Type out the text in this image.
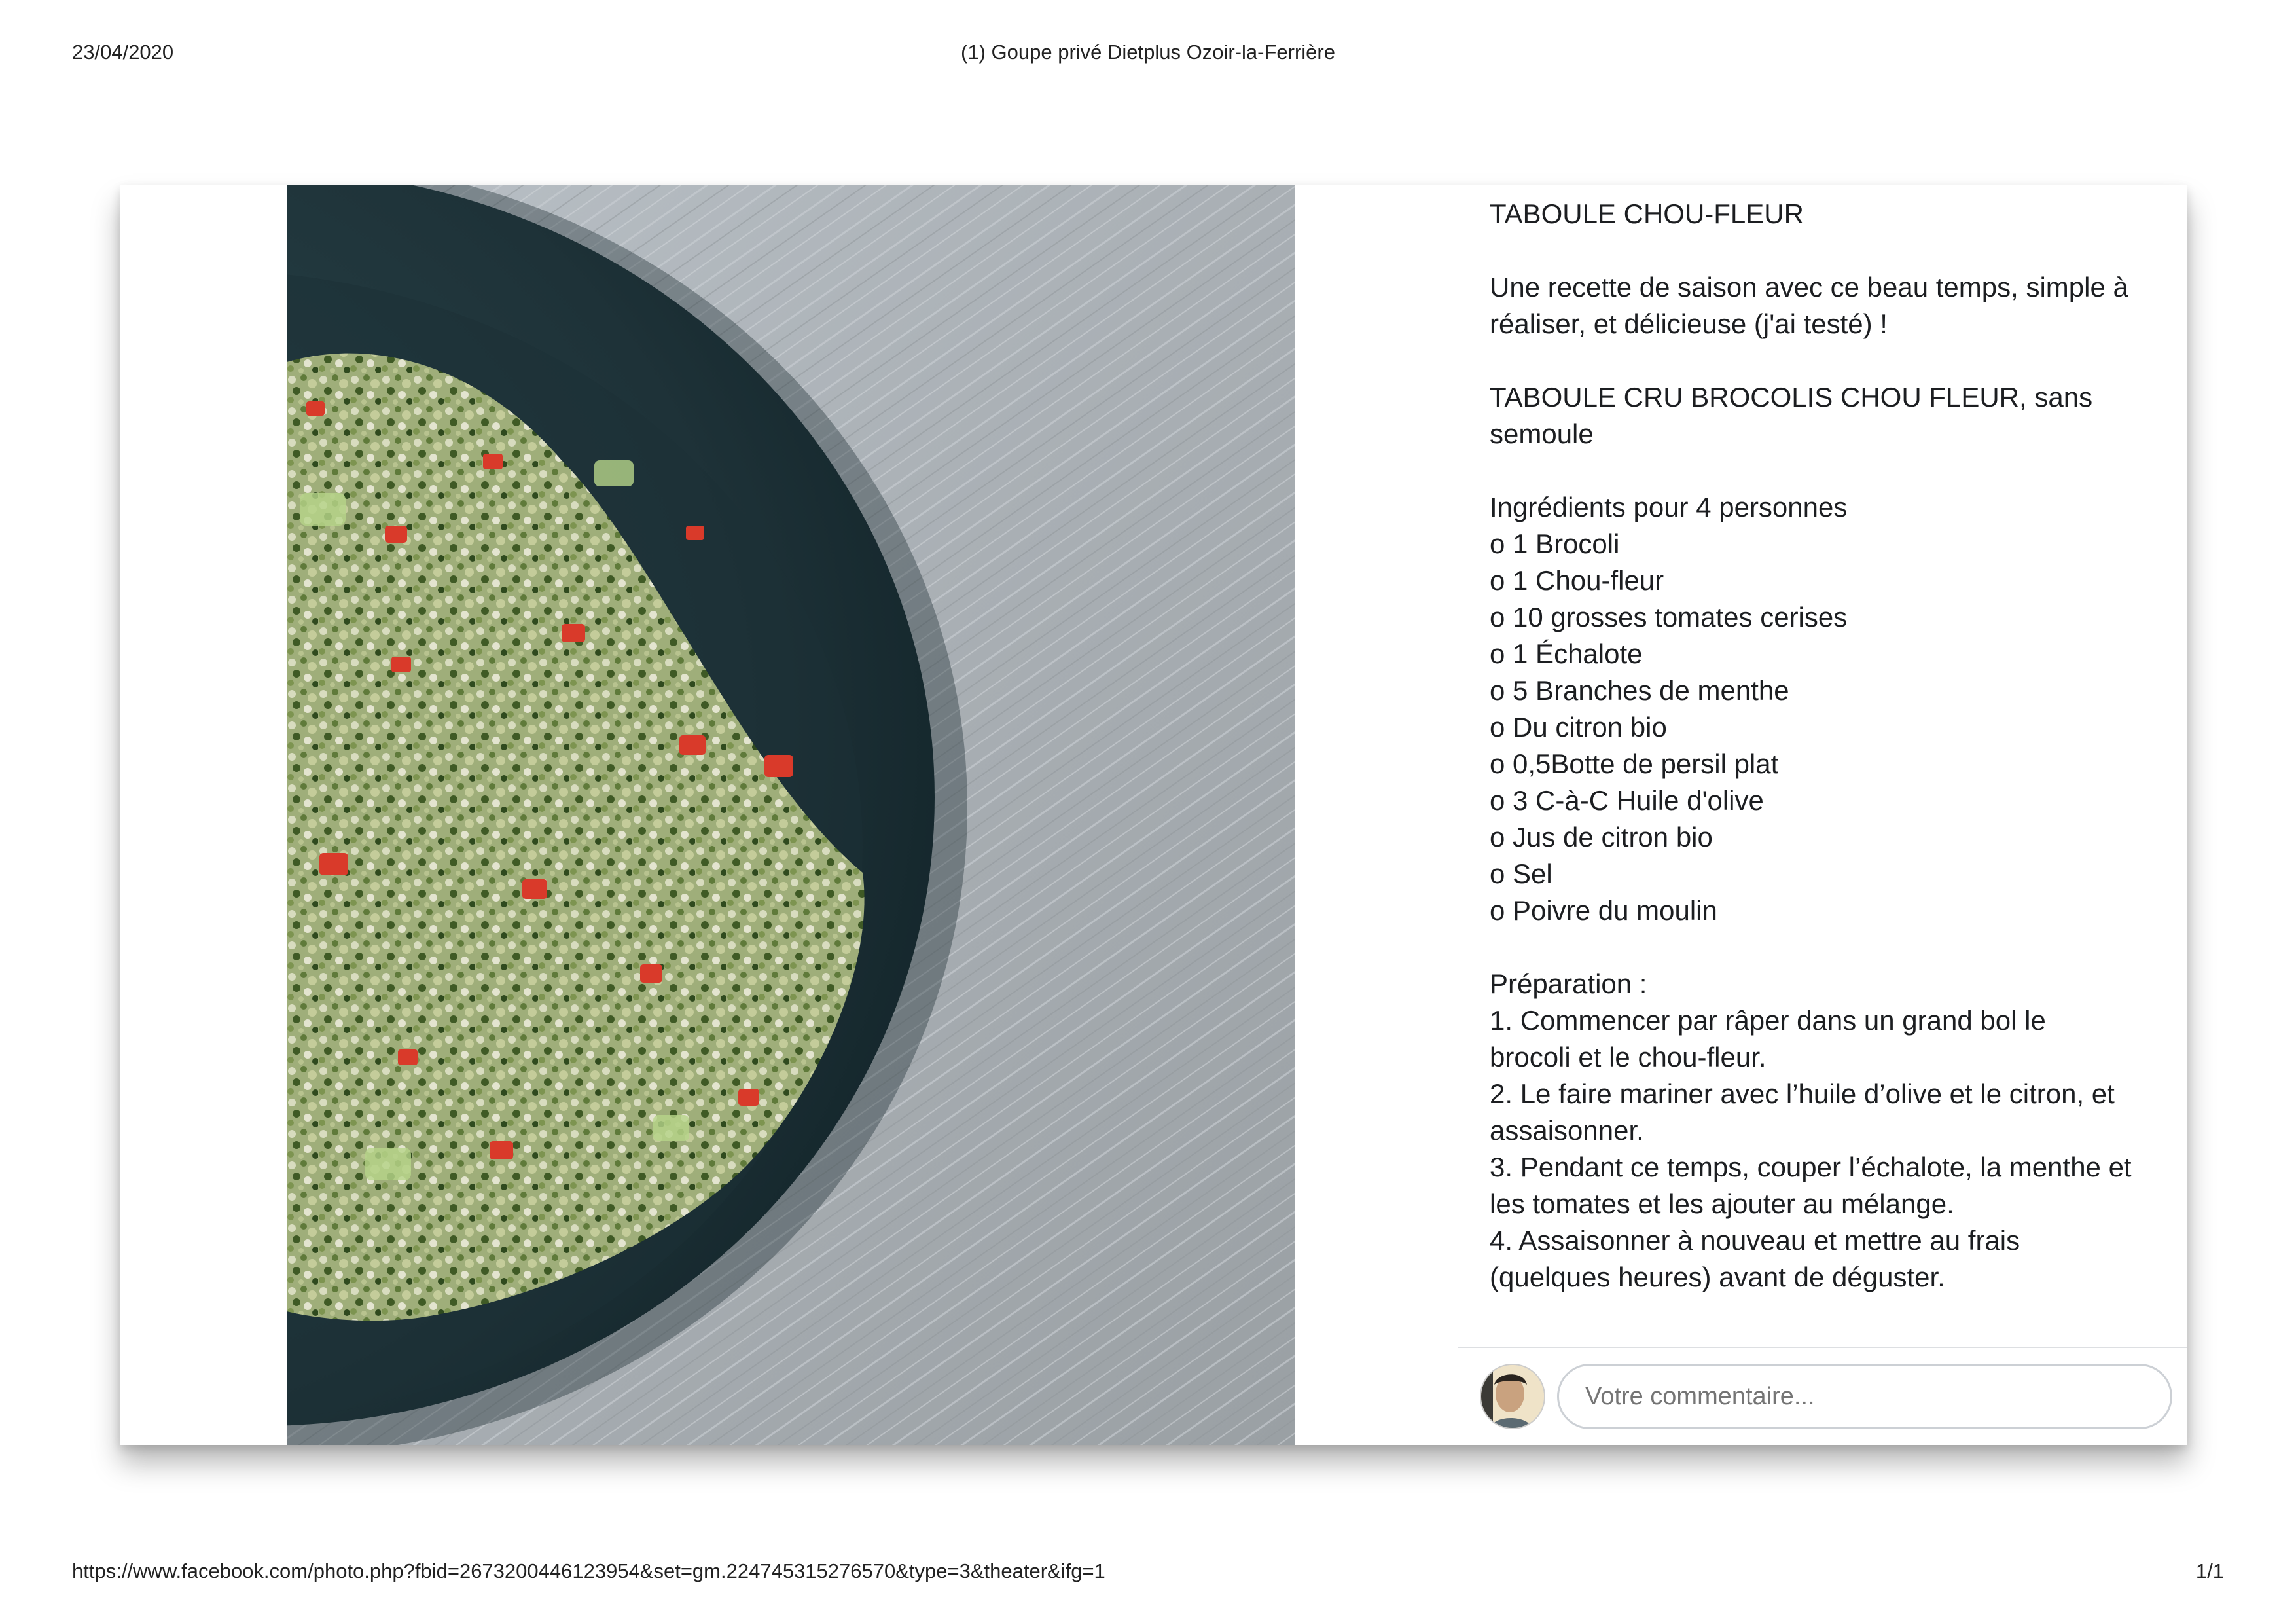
23/04/2020	(1) Goupe privé Dietplus Ozoir-la-Ferrière

TABOULE CHOU-FLEUR

Une recette de saison avec ce beau temps, simple à

réaliser, et délicieuse (j'ai testé) !

TABOULE CRU BROCOLIS CHOU FLEUR, sans

semoule

Ingrédients pour 4 personnes

o 1 Brocoli

o 1 Chou-fleur

o 10 grosses tomates cerises

o 1 Échalote

o 5 Branches de menthe

o Du citron bio

o 0,5Botte de persil plat

o 3 C-à-C Huile d'olive

o Jus de citron bio

o Sel

o Poivre du moulin

Préparation :

1. Commencer par râper dans un grand bol le

brocoli et le chou-fleur.

2. Le faire mariner avec l’huile d’olive et le citron, et

assaisonner.

3. Pendant ce temps, couper l’échalote, la menthe et

les tomates et les ajouter au mélange.

4. Assaisonner à nouveau et mettre au frais

(quelques heures) avant de déguster.

Votre commentaire...
https://www.facebook.com/photo.php?fbid=2673200446123954&set=gm.224745315276570&type=3&theater&ifg=1	1/1
